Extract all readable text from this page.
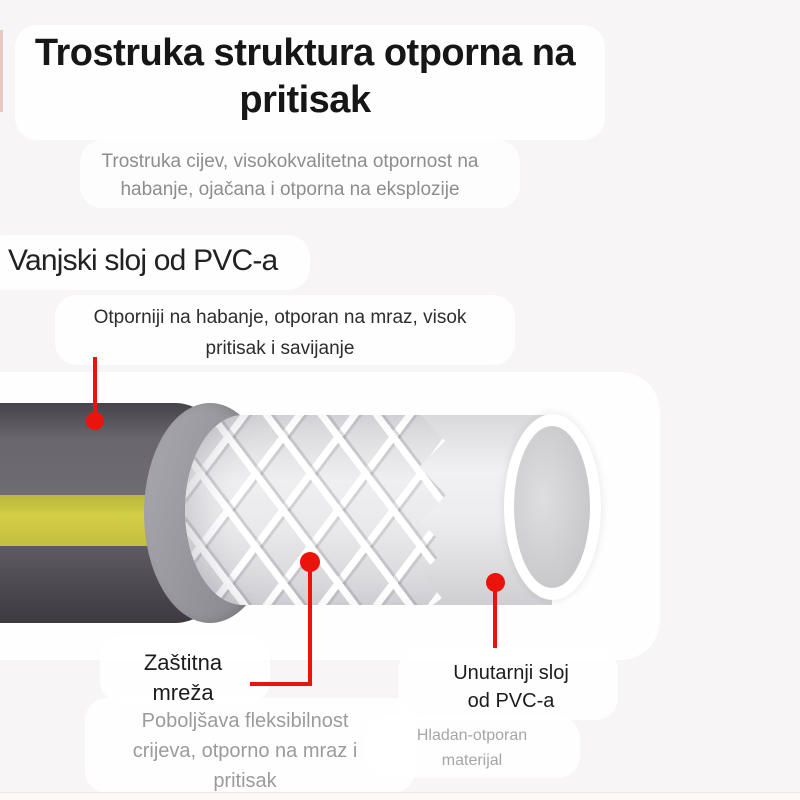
Trostruka struktura otporna na
pritisak
Trostruka cijev, visokokvalitetna otpornost na
habanje, ojačana i otporna na eksplozije
Vanjski sloj od PVC-a
Otporniji na habanje, otporan na mraz, visok
pritisak i savijanje
Zaštitna
mreža
Poboljšava fleksibilnost
crijeva, otporno na mraz i
pritisak
Unutarnji sloj
od PVC-a
Hladan-otporan
materijal
